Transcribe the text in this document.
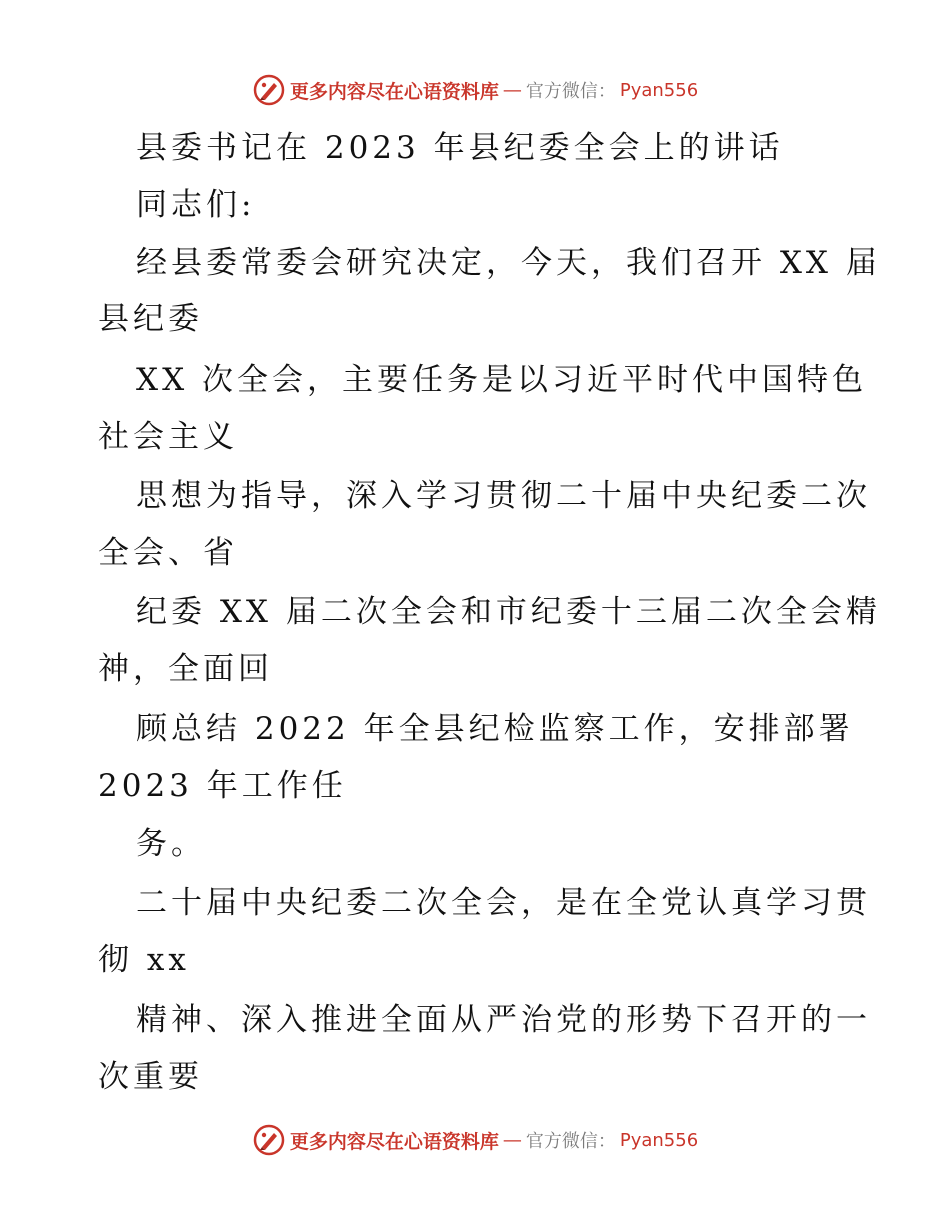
更多内容尽在心语资料库 — 官方微信： Pyan556
县委书记在 2023 年县纪委全会上的讲话
同志们:
经县委常委会研究决定，今天，我们召开 XX 届
县纪委
XX 次全会，主要任务是以习近平时代中国特色
社会主义
思想为指导，深入学习贯彻二十届中央纪委二次
全会、省
纪委 XX 届二次全会和市纪委十三届二次全会精
神，全面回
顾总结 2022 年全县纪检监察工作，安排部署
2023 年工作任
务。
二十届中央纪委二次全会，是在全党认真学习贯
彻 xx
精神、深入推进全面从严治党的形势下召开的一
次重要
更多内容尽在心语资料库 — 官方微信： Pyan556
